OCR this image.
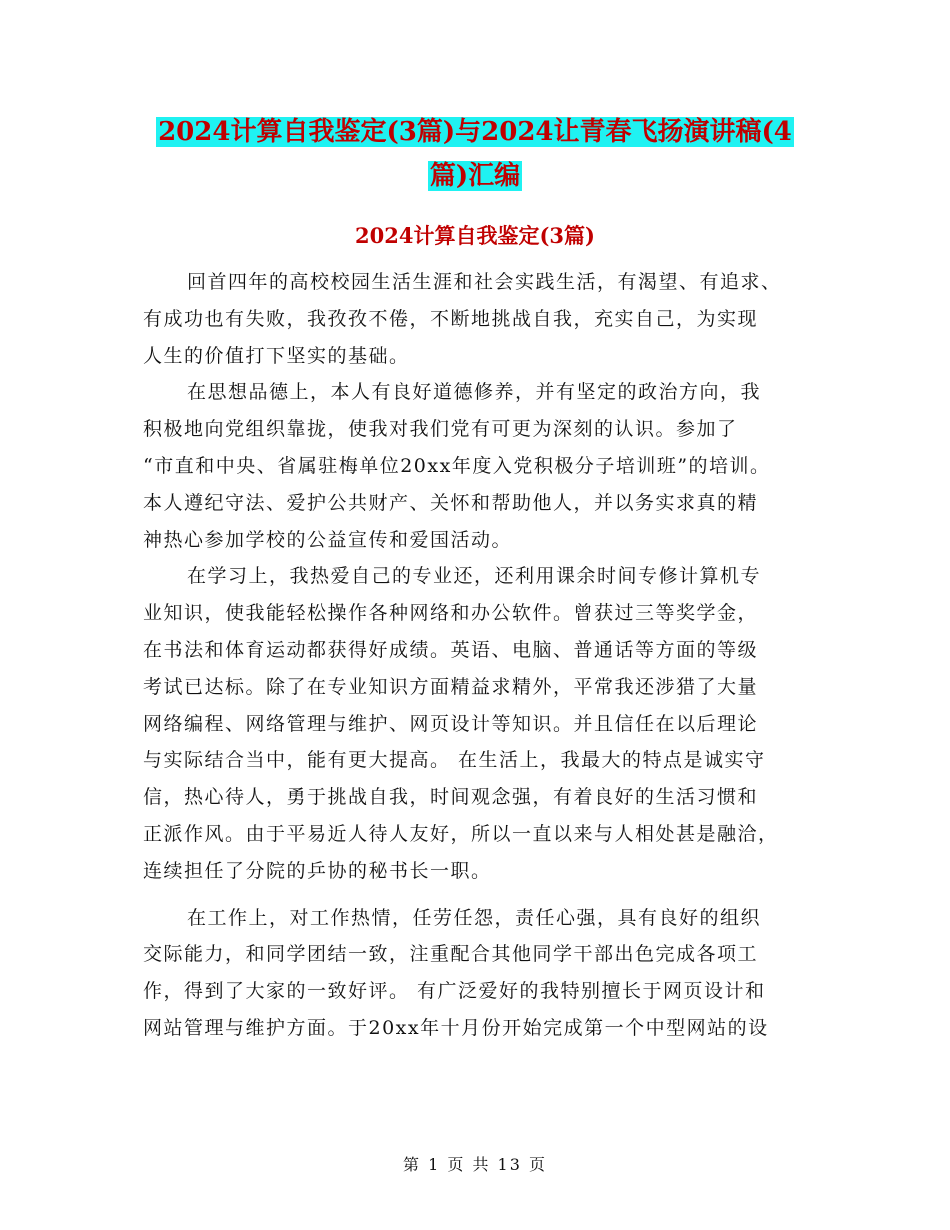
2024计算自我鉴定(3篇)与2024让青春飞扬演讲稿(4
篇)汇编
2024计算自我鉴定(3篇)
回首四年的高校校园生活生涯和社会实践生活，有渴望、有追求、
有成功也有失败，我孜孜不倦，不断地挑战自我，充实自己，为实现
人生的价值打下坚实的基础。
在思想品德上，本人有良好道德修养，并有坚定的政治方向，我
积极地向党组织靠拢，使我对我们党有可更为深刻的认识。参加了
“市直和中央、省属驻梅单位20xx年度入党积极分子培训班”的培训。
本人遵纪守法、爱护公共财产、关怀和帮助他人，并以务实求真的精
神热心参加学校的公益宣传和爱国活动。
在学习上，我热爱自己的专业还，还利用课余时间专修计算机专
业知识，使我能轻松操作各种网络和办公软件。曾获过三等奖学金，
在书法和体育运动都获得好成绩。英语、电脑、普通话等方面的等级
考试已达标。除了在专业知识方面精益求精外，平常我还涉猎了大量
网络编程、网络管理与维护、网页设计等知识。并且信任在以后理论
与实际结合当中，能有更大提高。 在生活上，我最大的特点是诚实守
信，热心待人，勇于挑战自我，时间观念强，有着良好的生活习惯和
正派作风。由于平易近人待人友好，所以一直以来与人相处甚是融洽，
连续担任了分院的乒协的秘书长一职。
在工作上，对工作热情，任劳任怨，责任心强，具有良好的组织
交际能力，和同学团结一致，注重配合其他同学干部出色完成各项工
作，得到了大家的一致好评。 有广泛爱好的我特别擅长于网页设计和
网站管理与维护方面。于20xx年十月份开始完成第一个中型网站的设
第 1 页 共 13 页
